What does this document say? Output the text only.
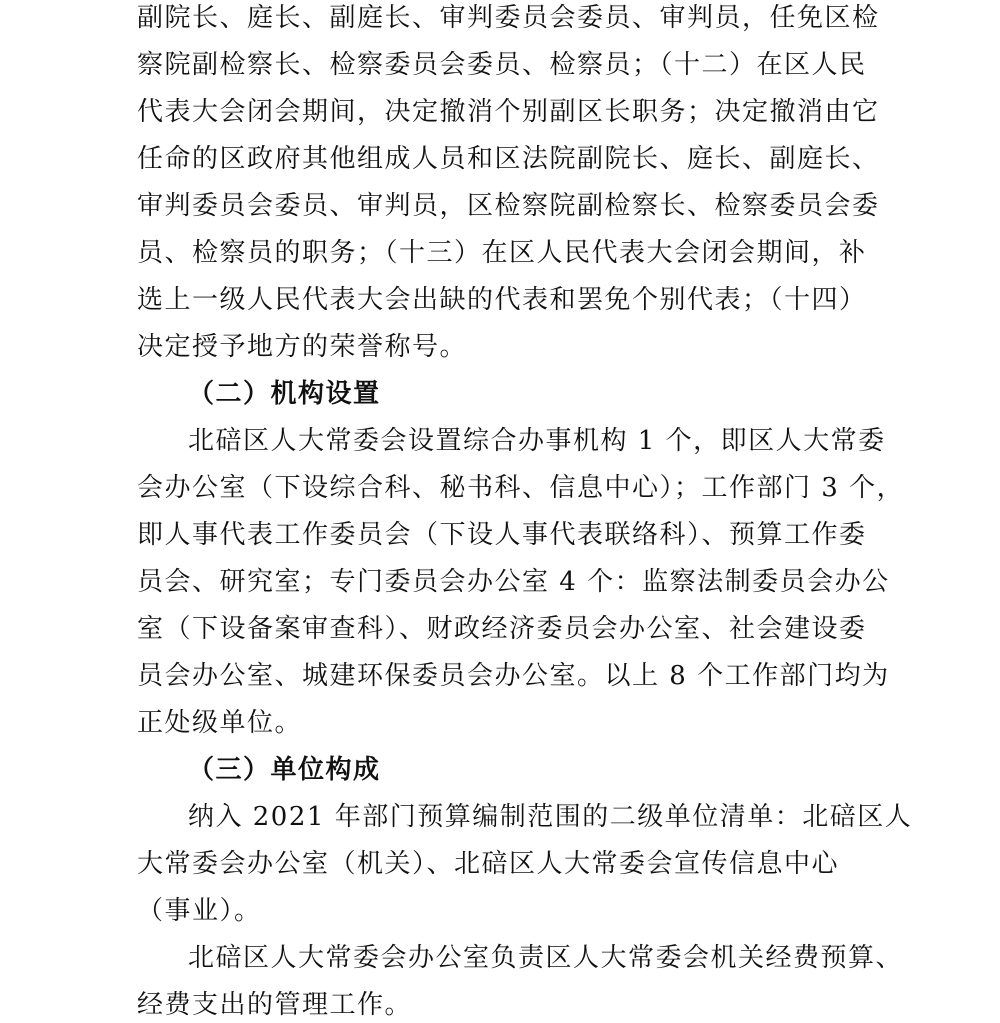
副院长、庭长、副庭长、审判委员会委员、审判员，任免区检
察院副检察长、检察委员会委员、检察员；（十二）在区人民
代表大会闭会期间，决定撤消个别副区长职务；决定撤消由它
任命的区政府其他组成人员和区法院副院长、庭长、副庭长、
审判委员会委员、审判员，区检察院副检察长、检察委员会委
员、检察员的职务；（十三）在区人民代表大会闭会期间，补
选上一级人民代表大会出缺的代表和罢免个别代表；（十四）
决定授予地方的荣誉称号。
（二）机构设置
北碚区人大常委会设置综合办事机构 1 个，即区人大常委
会办公室（下设综合科、秘书科、信息中心）；工作部门 3 个，
即人事代表工作委员会（下设人事代表联络科）、预算工作委
员会、研究室；专门委员会办公室 4 个：监察法制委员会办公
室（下设备案审查科）、财政经济委员会办公室、社会建设委
员会办公室、城建环保委员会办公室。以上 8 个工作部门均为
正处级单位。
（三）单位构成
纳入 2021 年部门预算编制范围的二级单位清单：北碚区人
大常委会办公室（机关）、北碚区人大常委会宣传信息中心
（事业）。
北碚区人大常委会办公室负责区人大常委会机关经费预算、
经费支出的管理工作。
